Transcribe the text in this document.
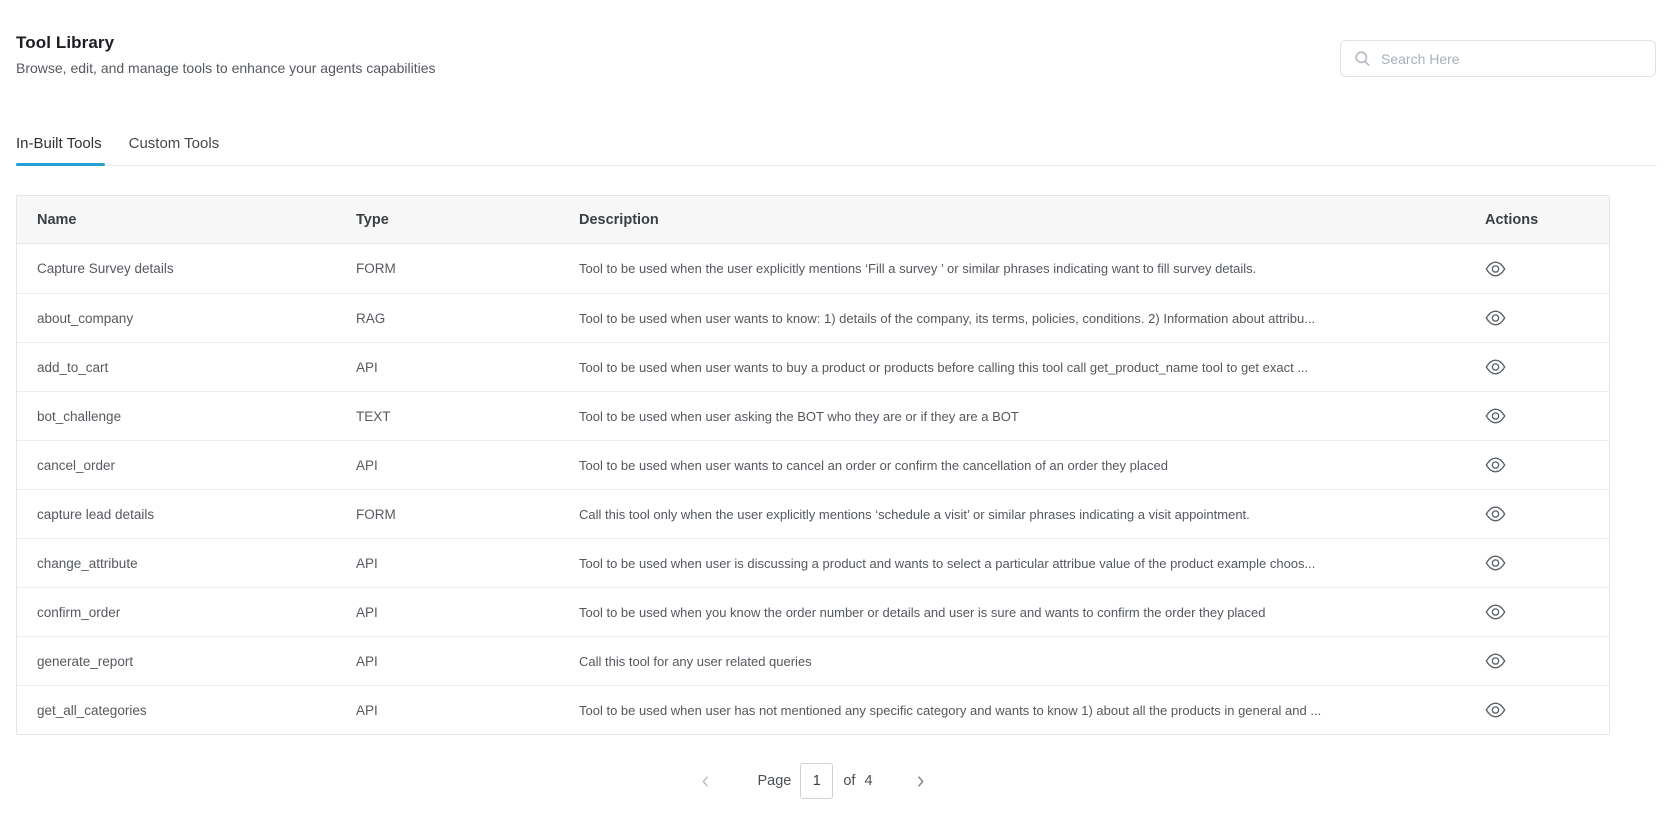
Tool Library
Browse, edit, and manage tools to enhance your agents capabilities
Search Here
In-Built Tools Custom Tools
Name	Type	Description	Actions
Capture Survey details	FORM	Tool to be used when the user explicitly mentions ‘Fill a survey ’ or similar phrases indicating want to fill survey details.
about_company	RAG	Tool to be used when user wants to know: 1) details of the company, its terms, policies, conditions. 2) Information about attribu...
add_to_cart	API	Tool to be used when user wants to buy a product or products before calling this tool call get_product_name tool to get exact ...
bot_challenge	TEXT	Tool to be used when user asking the BOT who they are or if they are a BOT
cancel_order	API	Tool to be used when user wants to cancel an order or confirm the cancellation of an order they placed
capture lead details	FORM	Call this tool only when the user explicitly mentions ‘schedule a visit’ or similar phrases indicating a visit appointment.
change_attribute	API	Tool to be used when user is discussing a product and wants to select a particular attribue value of the product example choos...
confirm_order	API	Tool to be used when you know the order number or details and user is sure and wants to confirm the order they placed
generate_report	API	Call this tool for any user related queries
get_all_categories	API	Tool to be used when user has not mentioned any specific category and wants to know 1) about all the products in general and ...
Page
1	of 4
